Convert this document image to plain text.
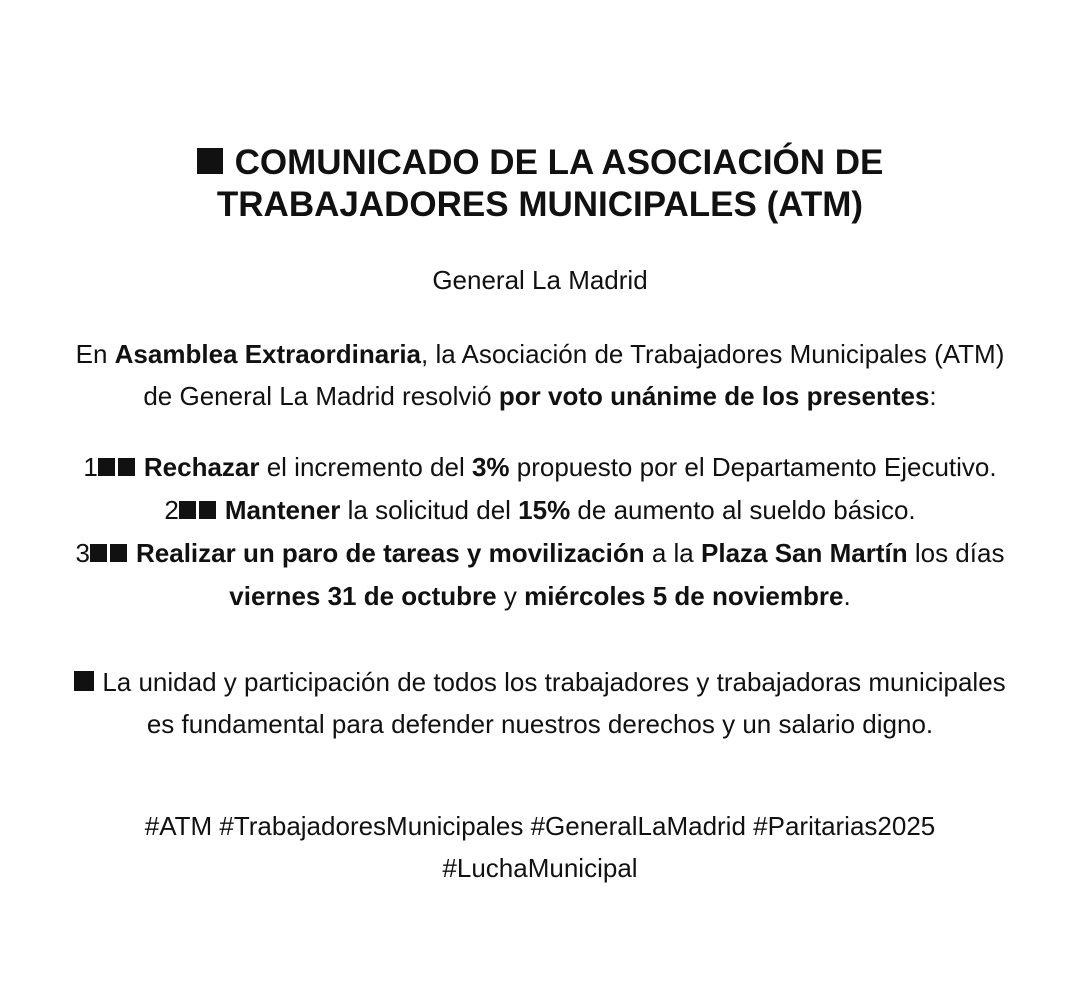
COMUNICADO DE LA ASOCIACIÓN DE
TRABAJADORES MUNICIPALES (ATM)

General La Madrid

En Asamblea Extraordinaria, la Asociación de Trabajadores Municipales (ATM)

de General La Madrid resolvió por voto unánime de los presentes:

1 Rechazar el incremento del 3% propuesto por el Departamento Ejecutivo.

2 Mantener la solicitud del 15% de aumento al sueldo básico.

3 Realizar un paro de tareas y movilización a la Plaza San Martín los días

viernes 31 de octubre y miércoles 5 de noviembre.

La unidad y participación de todos los trabajadores y trabajadoras municipales

es fundamental para defender nuestros derechos y un salario digno.

#ATM #TrabajadoresMunicipales #GeneralLaMadrid #Paritarias2025

#LuchaMunicipal
